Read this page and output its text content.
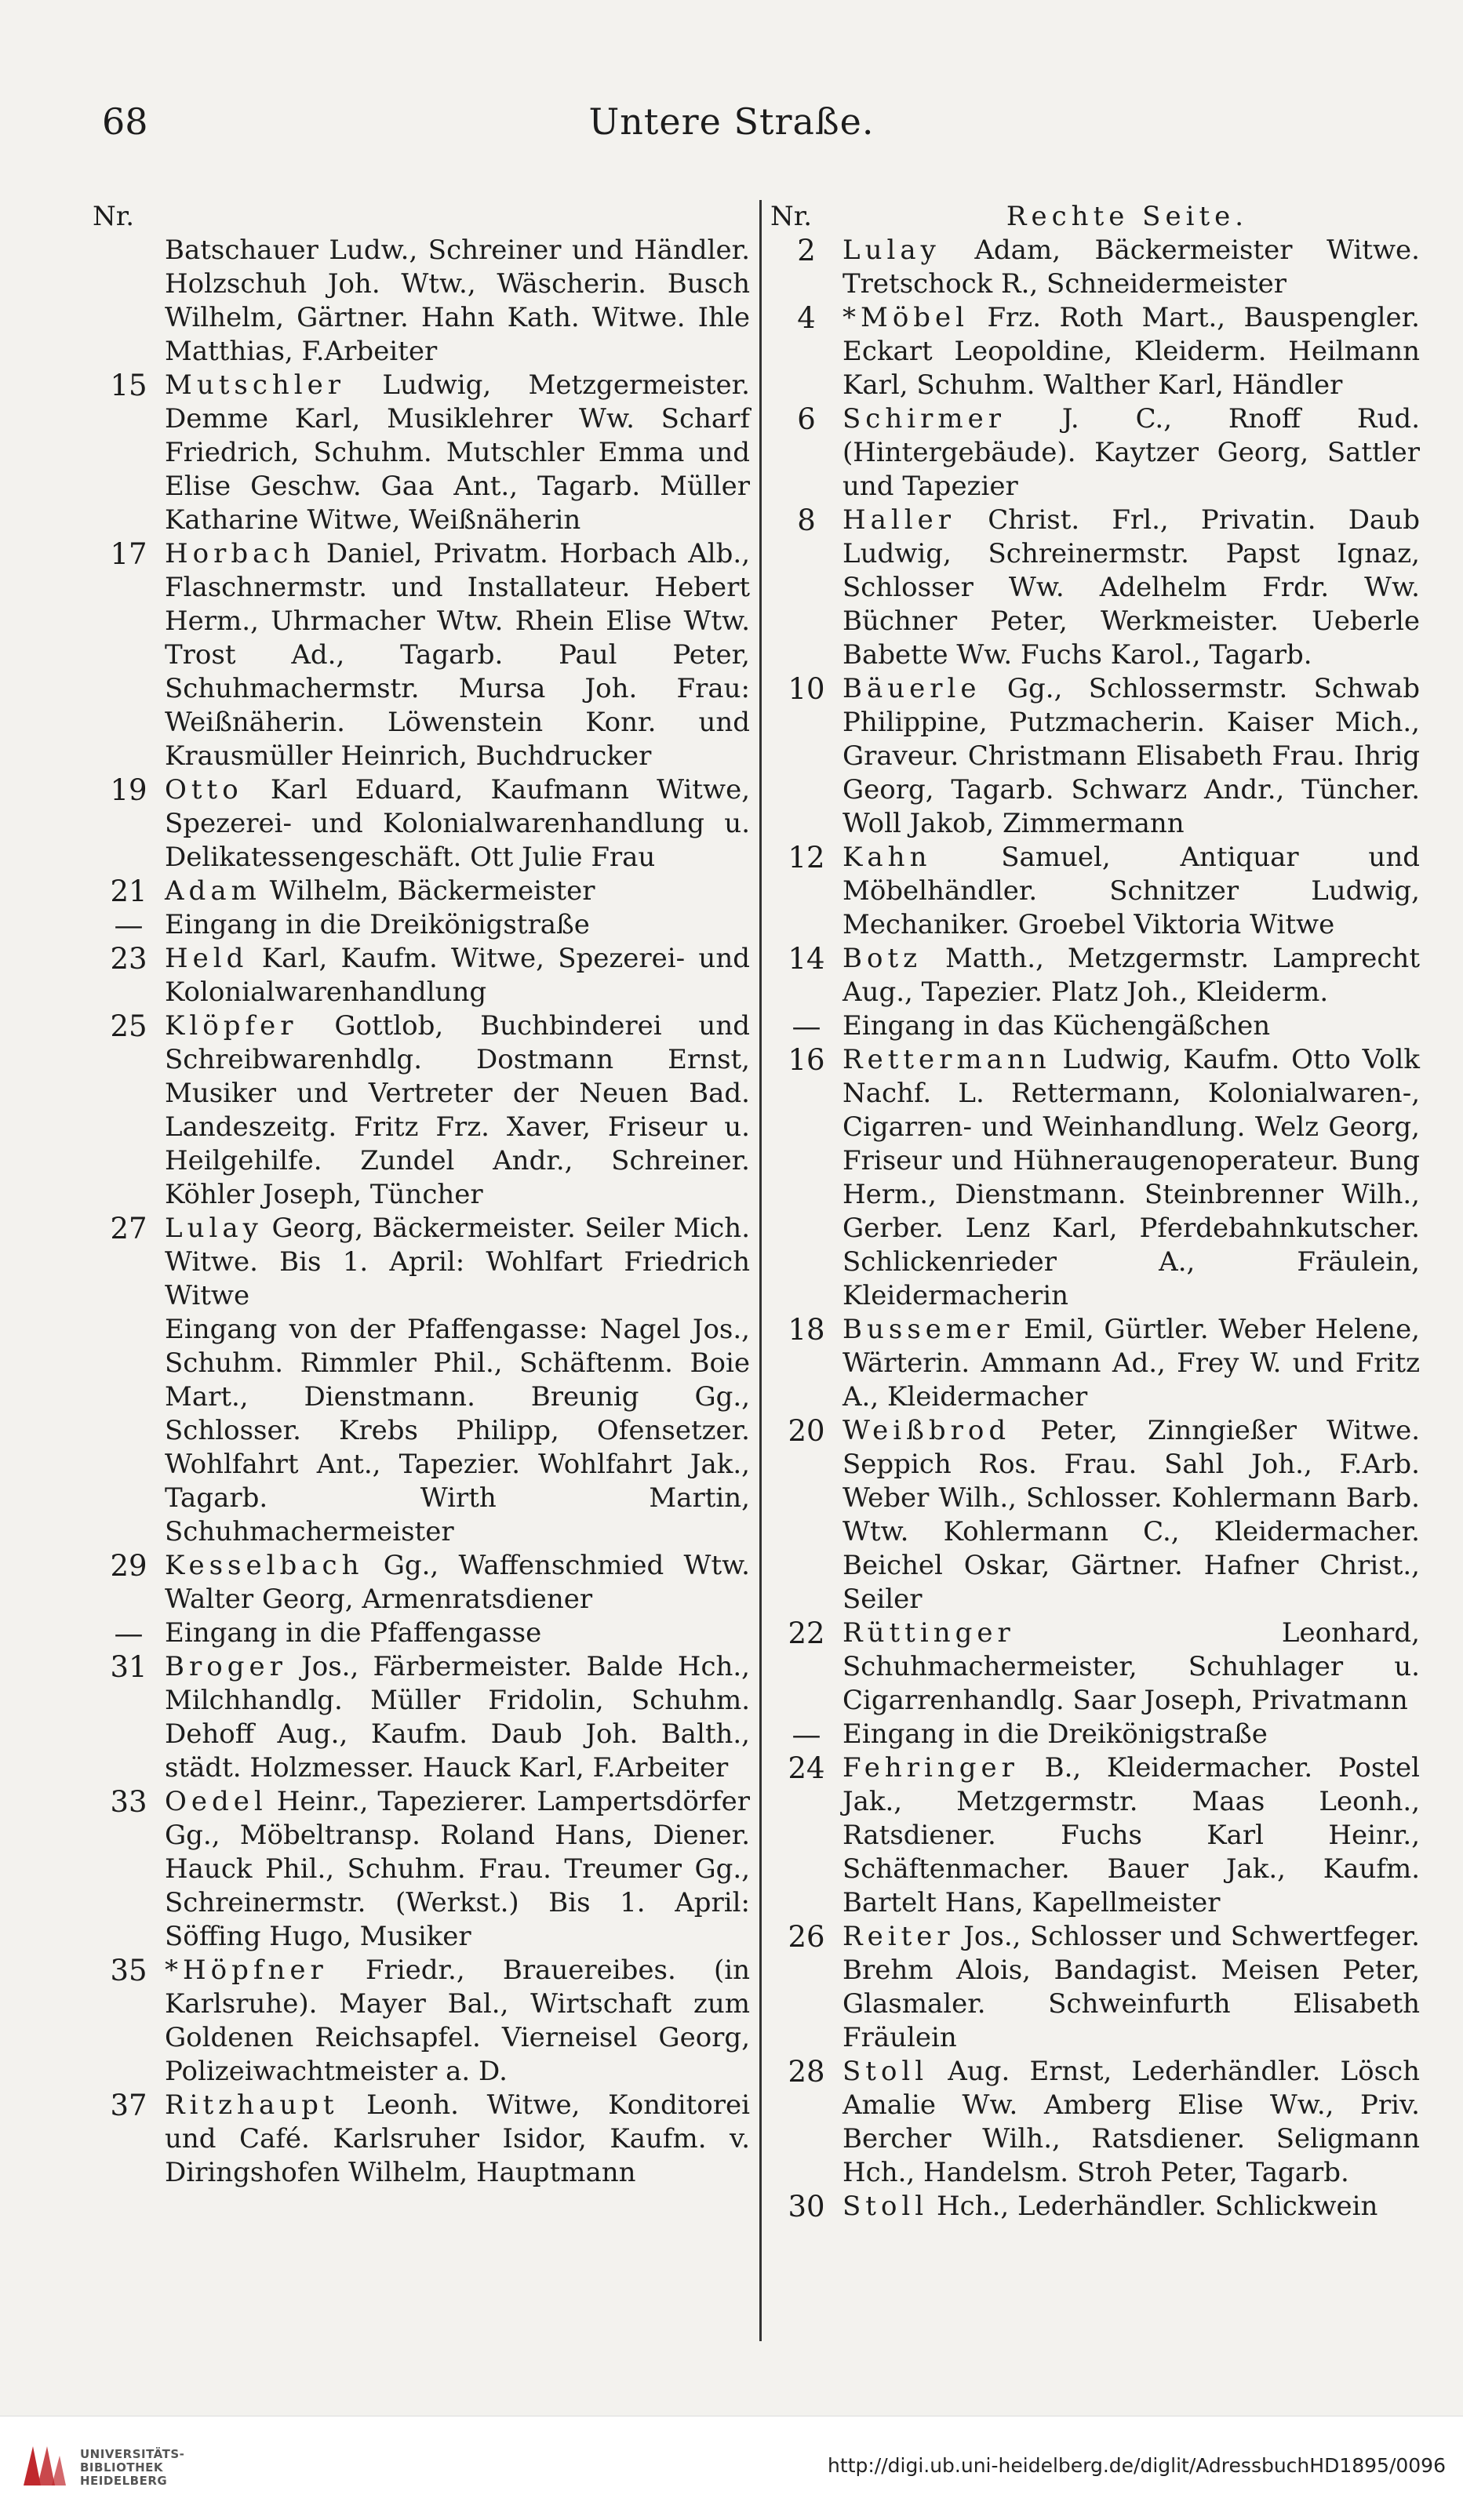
68	Untere Straße.
Nr.
Batschauer Ludw., Schreiner und Händler. Holzschuh Joh. Wtw., Wäscherin. Busch Wilhelm, Gärtner. Hahn Kath. Witwe. Ihle Matthias, F.Arbeiter
15 Mutschler Ludwig, Metzgermeister. Demme Karl, Musiklehrer Ww. Scharf Friedrich, Schuhm. Mutschler Emma und Elise Geschw. Gaa Ant., Tagarb. Müller Katharine Witwe, Weißnäherin
17 Horbach Daniel, Privatm. Horbach Alb., Flaschnermstr. und Installateur. Hebert Herm., Uhrmacher Wtw. Rhein Elise Wtw. Trost Ad., Tagarb. Paul Peter, Schuhmachermstr. Mursa Joh. Frau: Weißnäherin. Löwenstein Konr. und Krausmüller Heinrich, Buchdrucker
19 Otto Karl Eduard, Kaufmann Witwe, Spezerei- und Kolonialwarenhandlung u. Delikatessengeschäft. Ott Julie Frau
21 Adam Wilhelm, Bäckermeister
— Eingang in die Dreikönigstraße
23 Held Karl, Kaufm. Witwe, Spezerei- und Kolonialwarenhandlung
25 Klöpfer Gottlob, Buchbinderei und Schreibwarenhdlg. Dostmann Ernst, Musiker und Vertreter der Neuen Bad. Landeszeitg. Fritz Frz. Xaver, Friseur u. Heilgehilfe. Zundel Andr., Schreiner. Köhler Joseph, Tüncher
27 Lulay Georg, Bäckermeister. Seiler Mich. Witwe. Bis 1. April: Wohlfart Friedrich Witwe
Eingang von der Pfaffengasse: Nagel Jos., Schuhm. Rimmler Phil., Schäftenm. Boie Mart., Dienstmann. Breunig Gg., Schlosser. Krebs Philipp, Ofensetzer. Wohlfahrt Ant., Tapezier. Wohlfahrt Jak., Tagarb. Wirth Martin, Schuhmachermeister
29 Kesselbach Gg., Waffenschmied Wtw. Walter Georg, Armenratsdiener
— Eingang in die Pfaffengasse
31 Broger Jos., Färbermeister. Balde Hch., Milchhandlg. Müller Fridolin, Schuhm. Dehoff Aug., Kaufm. Daub Joh. Balth., städt. Holzmesser. Hauck Karl, F.Arbeiter
33 Oedel Heinr., Tapezierer. Lampertsdörfer Gg., Möbeltransp. Roland Hans, Diener. Hauck Phil., Schuhm. Frau. Treumer Gg., Schreinermstr. (Werkst.) Bis 1. April: Söffing Hugo, Musiker
35 *Höpfner Friedr., Brauereibes. (in Karlsruhe). Mayer Bal., Wirtschaft zum Goldenen Reichsapfel. Vierneisel Georg, Polizeiwachtmeister a. D.
37 Ritzhaupt Leonh. Witwe, Konditorei und Café. Karlsruher Isidor, Kaufm. v. Diringshofen Wilhelm, Hauptmann
Nr.	Rechte Seite.
2	Lulay Adam, Bäckermeister Witwe. Tretschock R., Schneidermeister
4	*Möbel Frz. Roth Mart., Bauspengler. Eckart Leopoldine, Kleiderm. Heilmann Karl, Schuhm. Walther Karl, Händler
6	Schirmer J. C., Rnoff Rud. (Hintergebäude). Kaytzer Georg, Sattler und Tapezier
8	Haller Christ. Frl., Privatin. Daub Ludwig, Schreinermstr. Papst Ignaz, Schlosser Ww. Adelhelm Frdr. Ww. Büchner Peter, Werkmeister. Ueberle Babette Ww. Fuchs Karol., Tagarb.
10 Bäuerle Gg., Schlossermstr. Schwab Philippine, Putzmacherin. Kaiser Mich., Graveur. Christmann Elisabeth Frau. Ihrig Georg, Tagarb. Schwarz Andr., Tüncher. Woll Jakob, Zimmermann
12 Kahn Samuel, Antiquar und Möbelhändler. Schnitzer Ludwig, Mechaniker. Groebel Viktoria Witwe
14 Botz Matth., Metzgermstr. Lamprecht Aug., Tapezier. Platz Joh., Kleiderm.
— Eingang in das Küchengäßchen
16 Rettermann Ludwig, Kaufm. Otto Volk Nachf. L. Rettermann, Kolonialwaren-, Cigarren- und Weinhandlung. Welz Georg, Friseur und Hühneraugenoperateur. Bung Herm., Dienstmann. Steinbrenner Wilh., Gerber. Lenz Karl, Pferdebahnkutscher. Schlickenrieder A., Fräulein, Kleidermacherin
18 Bussemer Emil, Gürtler. Weber Helene, Wärterin. Ammann Ad., Frey W. und Fritz A., Kleidermacher
20 Weißbrod Peter, Zinngießer Witwe. Seppich Ros. Frau. Sahl Joh., F.Arb. Weber Wilh., Schlosser. Kohlermann Barb. Wtw. Kohlermann C., Kleidermacher. Beichel Oskar, Gärtner. Hafner Christ., Seiler
22 Rüttinger Leonhard, Schuhmachermeister, Schuhlager u. Cigarrenhandlg. Saar Joseph, Privatmann
— Eingang in die Dreikönigstraße
24 Fehringer B., Kleidermacher. Postel Jak., Metzgermstr. Maas Leonh., Ratsdiener. Fuchs Karl Heinr., Schäftenmacher. Bauer Jak., Kaufm. Bartelt Hans, Kapellmeister
26 Reiter Jos., Schlosser und Schwertfeger. Brehm Alois, Bandagist. Meisen Peter, Glasmaler. Schweinfurth Elisabeth Fräulein
28 Stoll Aug. Ernst, Lederhändler. Lösch Amalie Ww. Amberg Elise Ww., Priv. Bercher Wilh., Ratsdiener. Seligmann Hch., Handelsm. Stroh Peter, Tagarb.
30 Stoll Hch., Lederhändler. Schlickwein
UNIVERSITÄTS-
BIBLIOTHEK
HEIDELBERG
http://digi.ub.uni-heidelberg.de/diglit/AdressbuchHD1895/0096
